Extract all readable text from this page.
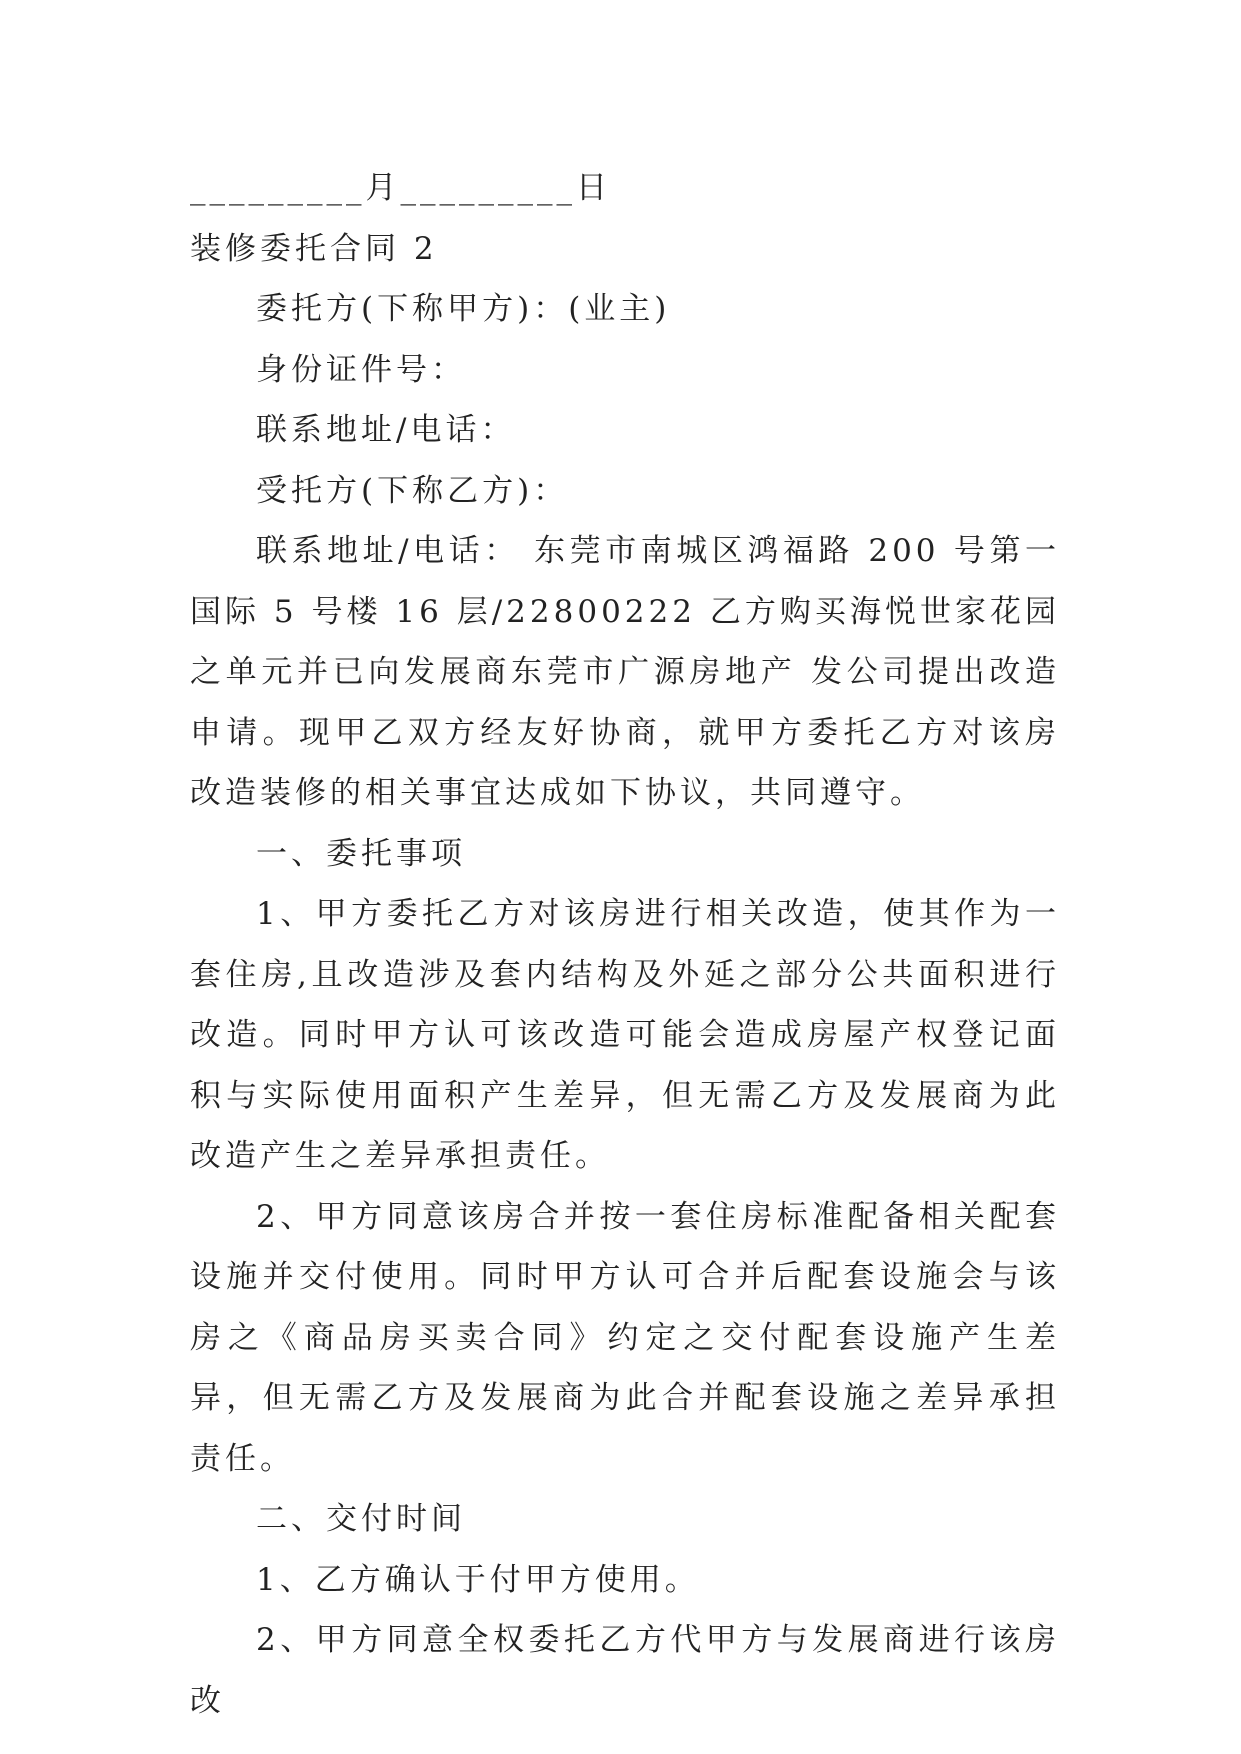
_________月_________日
装修委托合同 2
委托方(下称甲方)：(业主)
身份证件号：
联系地址/电话：
受托方(下称乙方)：
联系地址/电话： 东莞市南城区鸿福路 200 号第一国际 5 号楼 16 层/22800222 乙方购买海悦世家花园之单元并已向发展商东莞市广源房地产 发公司提出改造申请。现甲乙双方经友好协商，就甲方委托乙方对该房改造装修的相关事宜达成如下协议，共同遵守。
一、委托事项
1、甲方委托乙方对该房进行相关改造，使其作为一套住房,且改造涉及套内结构及外延之部分公共面积进行改造。同时甲方认可该改造可能会造成房屋产权登记面积与实际使用面积产生差异，但无需乙方及发展商为此改造产生之差异承担责任。
2、甲方同意该房合并按一套住房标准配备相关配套设施并交付使用。同时甲方认可合并后配套设施会与该房之《商品房买卖合同》约定之交付配套设施产生差异，但无需乙方及发展商为此合并配套设施之差异承担责任。
二、交付时间
1、乙方确认于付甲方使用。
2、甲方同意全权委托乙方代甲方与发展商进行该房改
